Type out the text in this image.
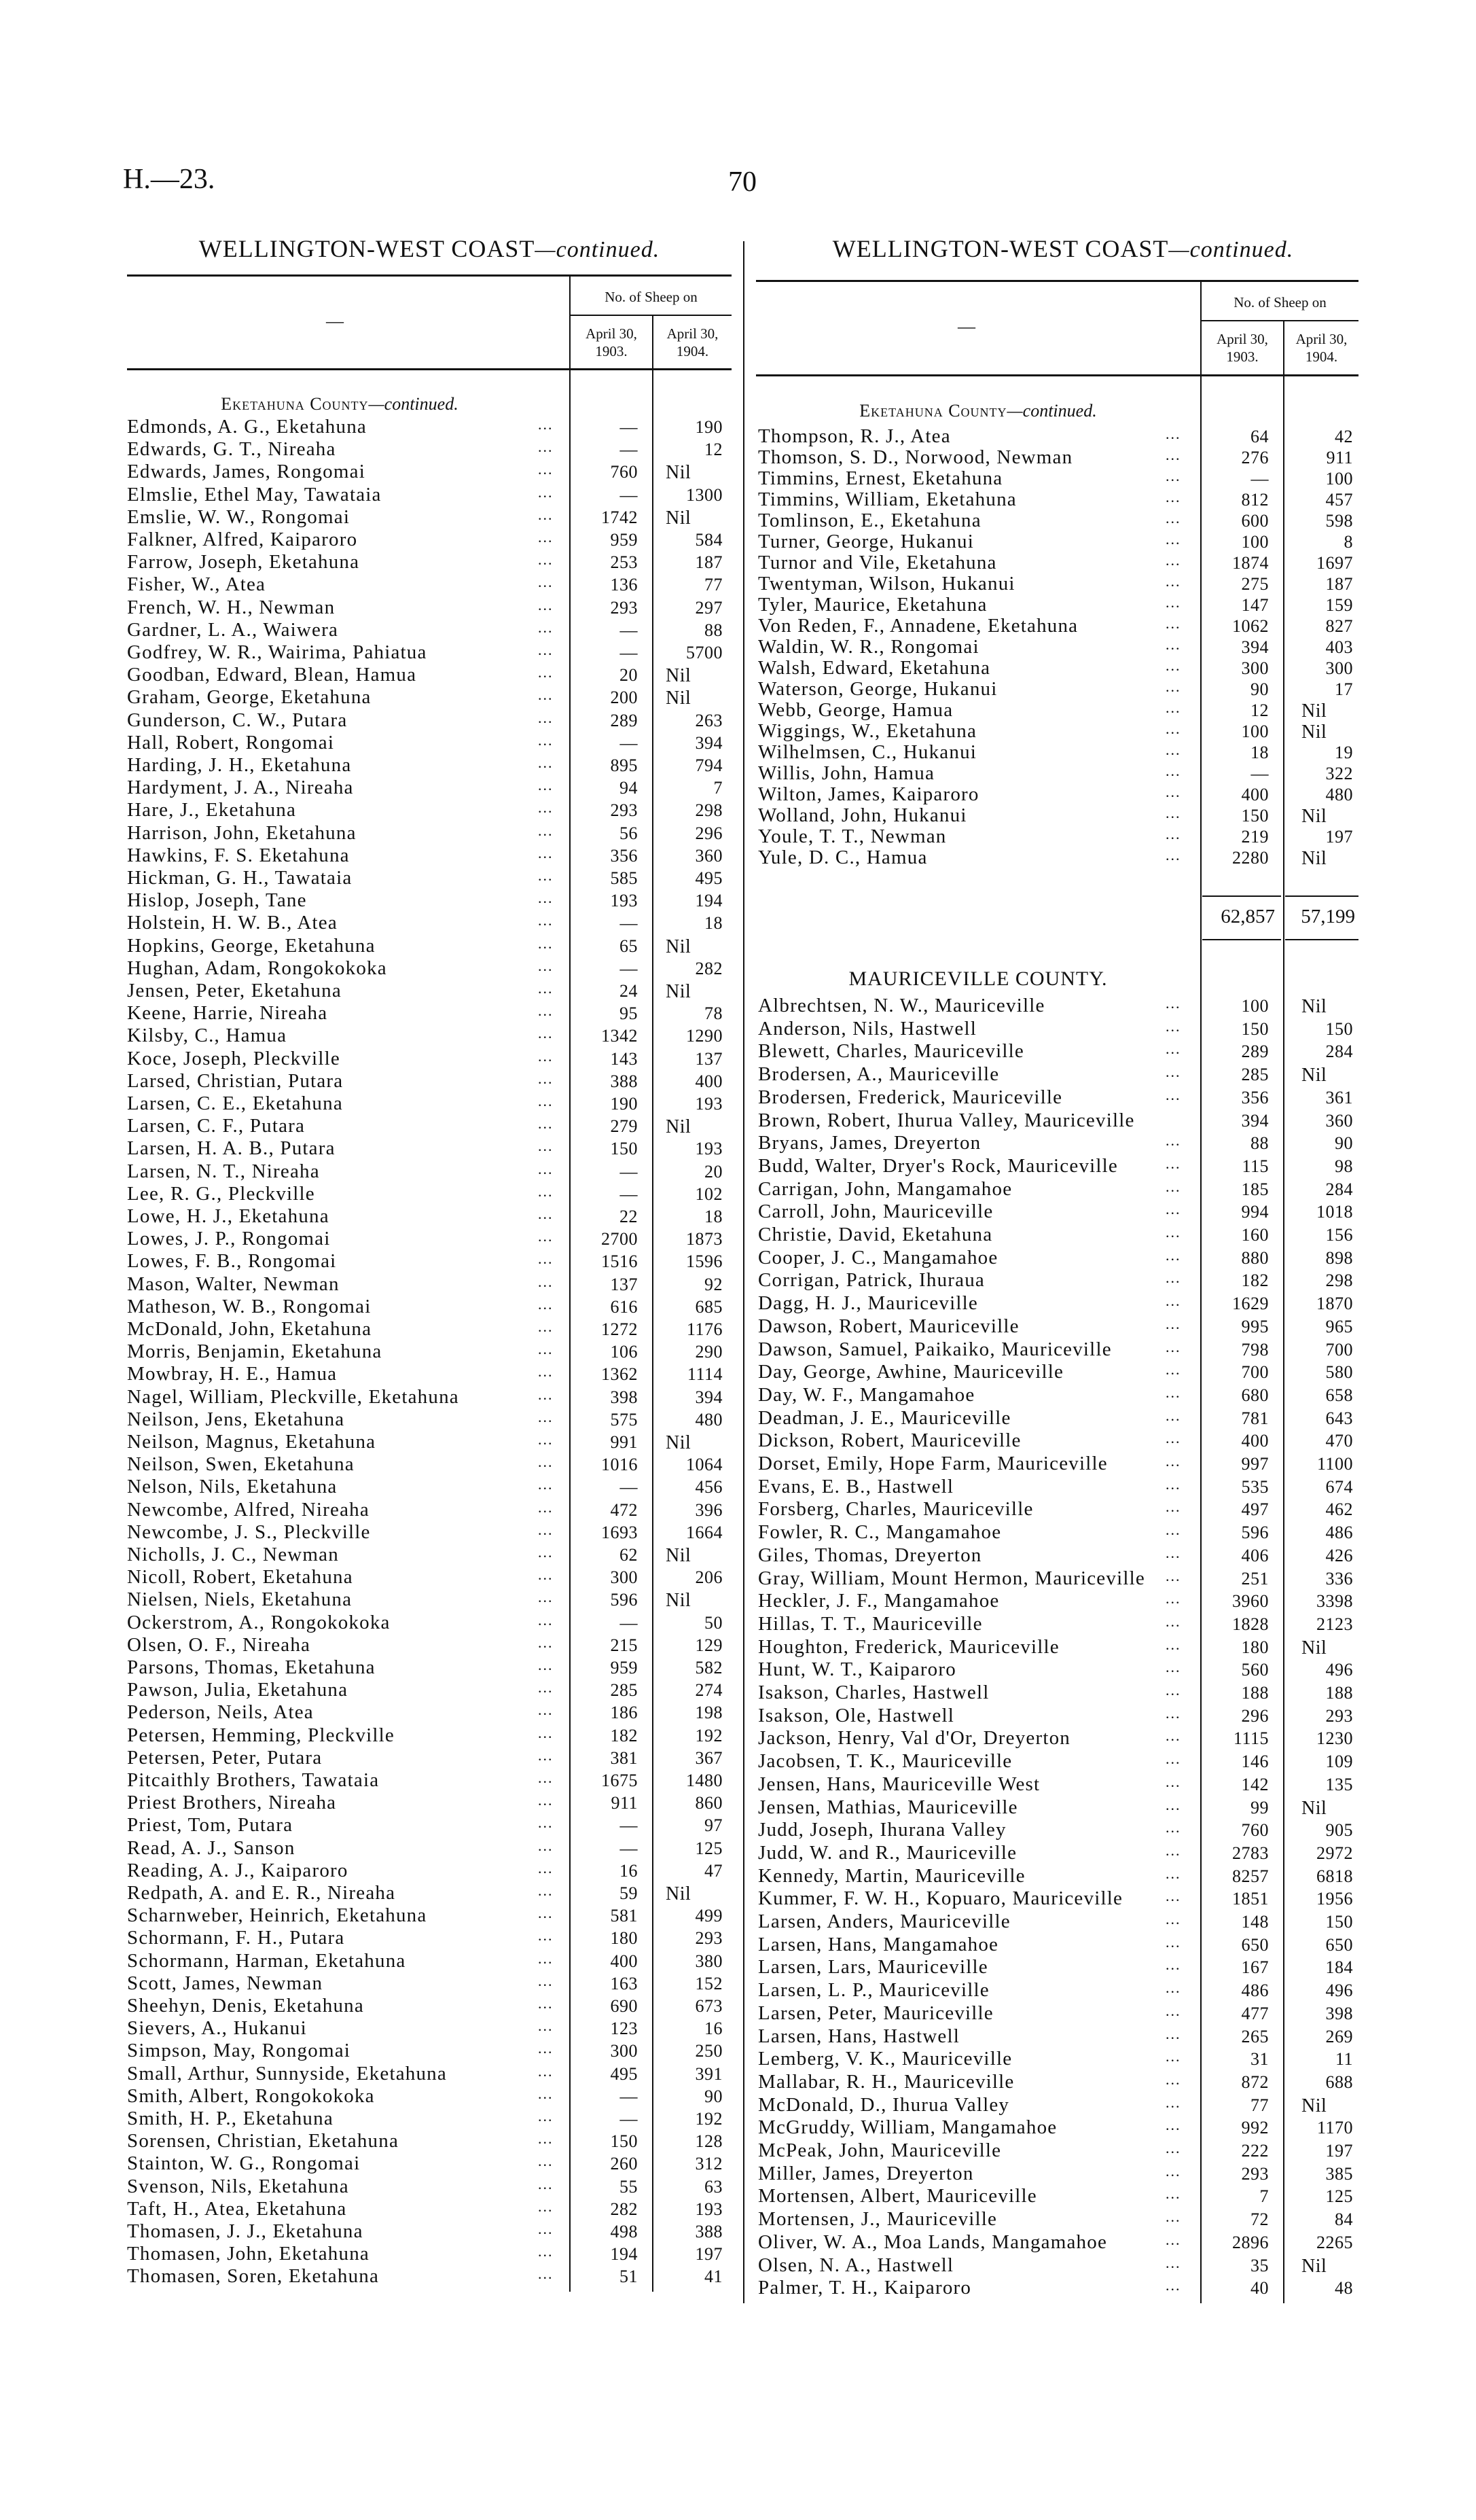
H.—23.	70
WELLINGTON-WEST COAST—continued.	WELLINGTON-WEST COAST—continued.
—
No. of Sheep on
April 30,
1903.
April 30,
1904.
Eketahuna County—continued.
Edmonds, A. G., Eketahuna	...	—	190
Edwards, G. T., Nireaha	...	—	12
Edwards, James, Rongomai	...	760 Nil
Elmslie, Ethel May, Tawataia	...	—	1300
Emslie, W. W., Rongomai	...	1742 Nil
Falkner, Alfred, Kaiparoro	...	959	584
Farrow, Joseph, Eketahuna	...	253	187
Fisher, W., Atea	...	136	77
French, W. H., Newman	...	293	297
Gardner, L. A., Waiwera	...	—	88
Godfrey, W. R., Wairima, Pahiatua	...	—	5700
Goodban, Edward, Blean, Hamua	...	20 Nil
Graham, George, Eketahuna	...	200 Nil
Gunderson, C. W., Putara	...	289	263
Hall, Robert, Rongomai	...	—	394
Harding, J. H., Eketahuna	...	895	794
Hardyment, J. A., Nireaha	...	94	7
Hare, J., Eketahuna	...	293	298
Harrison, John, Eketahuna	...	56	296
Hawkins, F. S. Eketahuna	...	356	360
Hickman, G. H., Tawataia	...	585	495
Hislop, Joseph, Tane	...	193	194
Holstein, H. W. B., Atea	...	—	18
Hopkins, George, Eketahuna	...	65 Nil
Hughan, Adam, Rongokokoka	...	—	282
Jensen, Peter, Eketahuna	...	24 Nil
Keene, Harrie, Nireaha	...	95	78
Kilsby, C., Hamua	...	1342	1290
Koce, Joseph, Pleckville	...	143	137
Larsed, Christian, Putara	...	388	400
Larsen, C. E., Eketahuna	...	190	193
Larsen, C. F., Putara	...	279 Nil
Larsen, H. A. B., Putara	...	150	193
Larsen, N. T., Nireaha	...	—	20
Lee, R. G., Pleckville	...	—	102
Lowe, H. J., Eketahuna	...	22	18
Lowes, J. P., Rongomai	...	2700	1873
Lowes, F. B., Rongomai	...	1516	1596
Mason, Walter, Newman	...	137	92
Matheson, W. B., Rongomai	...	616	685
McDonald, John, Eketahuna	...	1272	1176
Morris, Benjamin, Eketahuna	...	106	290
Mowbray, H. E., Hamua	...	1362	1114
Nagel, William, Pleckville, Eketahuna	...	398	394
Neilson, Jens, Eketahuna	...	575	480
Neilson, Magnus, Eketahuna	...	991 Nil
Neilson, Swen, Eketahuna	...	1016	1064
Nelson, Nils, Eketahuna	...	—	456
Newcombe, Alfred, Nireaha	...	472	396
Newcombe, J. S., Pleckville	...	1693	1664
Nicholls, J. C., Newman	...	62 Nil
Nicoll, Robert, Eketahuna	...	300	206
Nielsen, Niels, Eketahuna	...	596 Nil
Ockerstrom, A., Rongokokoka	...	—	50
Olsen, O. F., Nireaha	...	215	129
Parsons, Thomas, Eketahuna	...	959	582
Pawson, Julia, Eketahuna	...	285	274
Pederson, Neils, Atea	...	186	198
Petersen, Hemming, Pleckville	...	182	192
Petersen, Peter, Putara	...	381	367
Pitcaithly Brothers, Tawataia	...	1675	1480
Priest Brothers, Nireaha	...	911	860
Priest, Tom, Putara	...	—	97
Read, A. J., Sanson	...	—	125
Reading, A. J., Kaiparoro	...	16	47
Redpath, A. and E. R., Nireaha	...	59 Nil
Scharnweber, Heinrich, Eketahuna	...	581	499
Schormann, F. H., Putara	...	180	293
Schormann, Harman, Eketahuna	...	400	380
Scott, James, Newman	...	163	152
Sheehyn, Denis, Eketahuna	...	690	673
Sievers, A., Hukanui	...	123	16
Simpson, May, Rongomai	...	300	250
Small, Arthur, Sunnyside, Eketahuna	...	495	391
Smith, Albert, Rongokokoka	...	—	90
Smith, H. P., Eketahuna	...	—	192
Sorensen, Christian, Eketahuna	...	150	128
Stainton, W. G., Rongomai	...	260	312
Svenson, Nils, Eketahuna	...	55	63
Taft, H., Atea, Eketahuna	...	282	193
Thomasen, J. J., Eketahuna	...	498	388
Thomasen, John, Eketahuna	...	194	197
Thomasen, Soren, Eketahuna	...	51	41
—
No. of Sheep on
April 30,
1903.
April 30,
1904.
Eketahuna County—continued.
Thompson, R. J., Atea	...	64	42
Thomson, S. D., Norwood, Newman	...	276	911
Timmins, Ernest, Eketahuna	...	—	100
Timmins, William, Eketahuna	...	812	457
Tomlinson, E., Eketahuna	...	600	598
Turner, George, Hukanui	...	100	8
Turnor and Vile, Eketahuna	...	1874	1697
Twentyman, Wilson, Hukanui	...	275	187
Tyler, Maurice, Eketahuna	...	147	159
Von Reden, F., Annadene, Eketahuna	...	1062	827
Waldin, W. R., Rongomai	...	394	403
Walsh, Edward, Eketahuna	...	300	300
Waterson, George, Hukanui	...	90	17
Webb, George, Hamua	...	12 Nil
Wiggings, W., Eketahuna	...	100 Nil
Wilhelmsen, C., Hukanui	...	18	19
Willis, John, Hamua	...	—	322
Wilton, James, Kaiparoro	...	400	480
Wolland, John, Hukanui	...	150 Nil
Youle, T. T., Newman	...	219	197
Yule, D. C., Hamua	...	2280 Nil
62,857	57,199
MAURICEVILLE COUNTY.
Albrechtsen, N. W., Mauriceville	...	100 Nil
Anderson, Nils, Hastwell	...	150	150
Blewett, Charles, Mauriceville	...	289	284
Brodersen, A., Mauriceville	...	285 Nil
Brodersen, Frederick, Mauriceville	...	356	361
Brown, Robert, Ihurua Valley, Mauriceville	394	360
Bryans, James, Dreyerton	...	88	90
Budd, Walter, Dryer's Rock, Mauriceville	...	115	98
Carrigan, John, Mangamahoe	...	185	284
Carroll, John, Mauriceville	...	994	1018
Christie, David, Eketahuna	...	160	156
Cooper, J. C., Mangamahoe	...	880	898
Corrigan, Patrick, Ihuraua	...	182	298
Dagg, H. J., Mauriceville	...	1629	1870
Dawson, Robert, Mauriceville	...	995	965
Dawson, Samuel, Paikaiko, Mauriceville	...	798	700
Day, George, Awhine, Mauriceville	...	700	580
Day, W. F., Mangamahoe	...	680	658
Deadman, J. E., Mauriceville	...	781	643
Dickson, Robert, Mauriceville	...	400	470
Dorset, Emily, Hope Farm, Mauriceville	...	997	1100
Evans, E. B., Hastwell	...	535	674
Forsberg, Charles, Mauriceville	...	497	462
Fowler, R. C., Mangamahoe	...	596	486
Giles, Thomas, Dreyerton	...	406	426
Gray, William, Mount Hermon, Mauriceville ...	251	336
Heckler, J. F., Mangamahoe	...	3960	3398
Hillas, T. T., Mauriceville	...	1828	2123
Houghton, Frederick, Mauriceville	...	180 Nil
Hunt, W. T., Kaiparoro	...	560	496
Isakson, Charles, Hastwell	...	188	188
Isakson, Ole, Hastwell	...	296	293
Jackson, Henry, Val d'Or, Dreyerton	...	1115	1230
Jacobsen, T. K., Mauriceville	...	146	109
Jensen, Hans, Mauriceville West	...	142	135
Jensen, Mathias, Mauriceville	...	99 Nil
Judd, Joseph, Ihurana Valley	...	760	905
Judd, W. and R., Mauriceville	...	2783	2972
Kennedy, Martin, Mauriceville	...	8257	6818
Kummer, F. W. H., Kopuaro, Mauriceville	...	1851	1956
Larsen, Anders, Mauriceville	...	148	150
Larsen, Hans, Mangamahoe	...	650	650
Larsen, Lars, Mauriceville	...	167	184
Larsen, L. P., Mauriceville	...	486	496
Larsen, Peter, Mauriceville	...	477	398
Larsen, Hans, Hastwell	...	265	269
Lemberg, V. K., Mauriceville	...	31	11
Mallabar, R. H., Mauriceville	...	872	688
McDonald, D., Ihurua Valley	...	77 Nil
McGruddy, William, Mangamahoe	...	992	1170
McPeak, John, Mauriceville	...	222	197
Miller, James, Dreyerton	...	293	385
Mortensen, Albert, Mauriceville	...	7	125
Mortensen, J., Mauriceville	...	72	84
Oliver, W. A., Moa Lands, Mangamahoe	...	2896	2265
Olsen, N. A., Hastwell	...	35 Nil
Palmer, T. H., Kaiparoro	...	40	48
